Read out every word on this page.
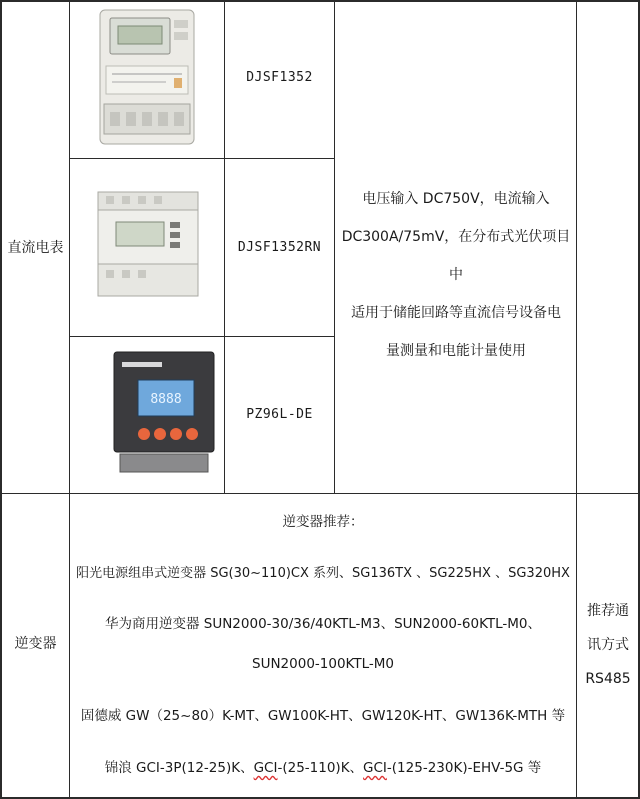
直流电表
DJSF1352
DJSF1352RN
8888
PZ96L-DE
电压输入 DC750V，电流输入
DC300A/75mV，在分布式光伏项目中
适用于储能回路等直流信号设备电
量测量和电能计量使用
逆变器
逆变器推荐：
阳光电源组串式逆变器 SG(30~110)CX 系列、SG136TX 、SG225HX 、SG320HX
华为商用逆变器 SUN2000-30/36/40KTL-M3、SUN2000-60KTL-M0、
SUN2000-100KTL-M0
固德威 GW（25~80）K-MT、GW100K-HT、GW120K-HT、GW136K-MTH 等
锦浪 GCI-3P(12-25)K、GCI-(25-110)K、GCI-(125-230K)-EHV-5G 等
推荐通
讯方式
RS485
